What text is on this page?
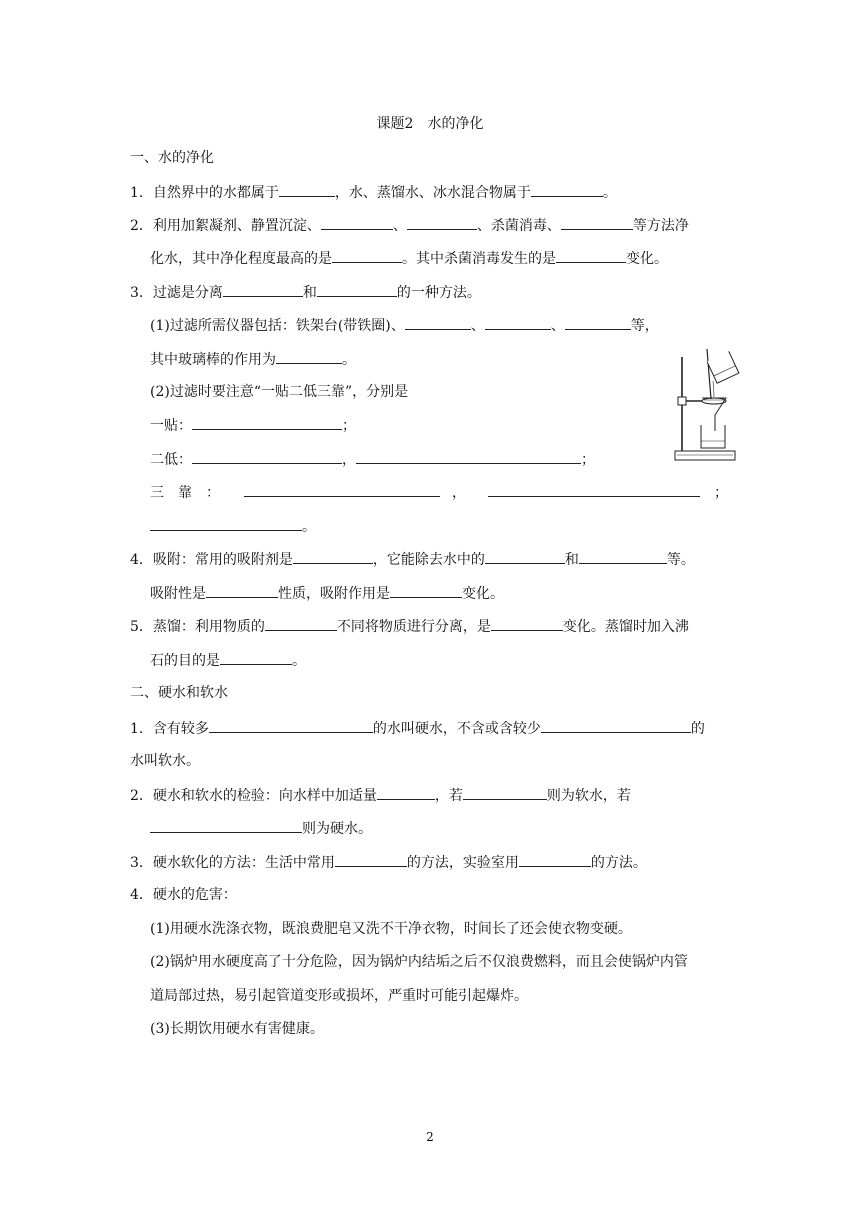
课题2　水的净化
一、水的净化
1．自然界中的水都属于	，水、蒸馏水、冰水混合物属于	。
2．利用加絮凝剂、静置沉淀、	、	、杀菌消毒、	等方法净
化水，其中净化程度最高的是	。其中杀菌消毒发生的是	变化。
3．过滤是分离	和	的一种方法。
(1)过滤所需仪器包括：铁架台(带铁圈)、	、	、	等，
其中玻璃棒的作用为	。
(2)过滤时要注意“一贴二低三靠”，分别是
一贴：	；
二低：	，	；
三　靠　：	，	；
。
4．吸附：常用的吸附剂是	，它能除去水中的	和	等。
吸附性是	性质，吸附作用是	变化。
5．蒸馏：利用物质的	不同将物质进行分离，是	变化。蒸馏时加入沸
石的目的是	。
二、硬水和软水
1．含有较多	的水叫硬水，不含或含较少	的
水叫软水。
2．硬水和软水的检验：向水样中加适量	，若	则为软水，若
则为硬水。
3．硬水软化的方法：生活中常用	的方法，实验室用	的方法。
4．硬水的危害：
(1)用硬水洗涤衣物，既浪费肥皂又洗不干净衣物，时间长了还会使衣物变硬。
(2)锅炉用水硬度高了十分危险，因为锅炉内结垢之后不仅浪费燃料，而且会使锅炉内管
道局部过热，易引起管道变形或损坏，严重时可能引起爆炸。
(3)长期饮用硬水有害健康。
2
